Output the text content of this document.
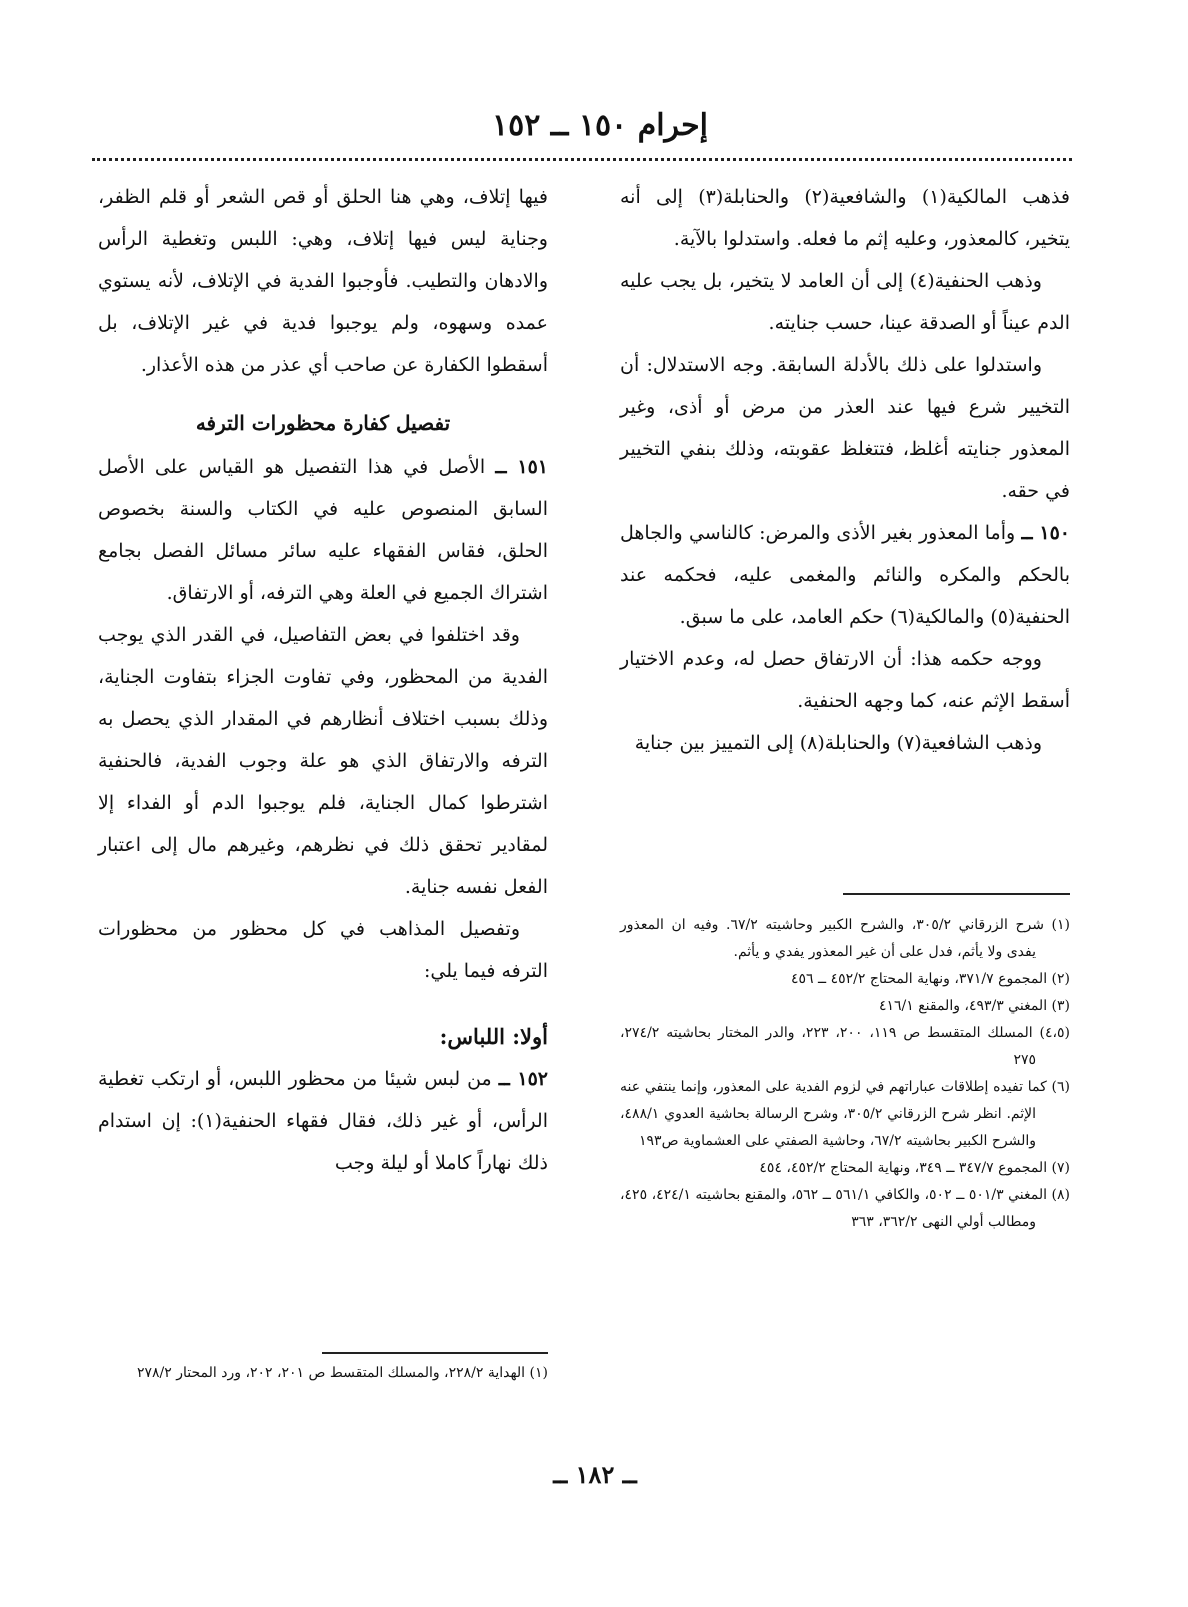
إحرام ١٥٠ ــ ١٥٢

فذهب المالكية(١) والشافعية(٢) والحنابلة(٣) إلى أنه يتخير، كالمعذور، وعليه إثم ما فعله. واستدلوا بالآية.

وذهب الحنفية(٤) إلى أن العامد لا يتخير، بل يجب عليه الدم عيناً أو الصدقة عينا، حسب جنايته.

واستدلوا على ذلك بالأدلة السابقة. وجه الاستدلال: أن التخيير شرع فيها عند العذر من مرض أو أذى، وغير المعذور جنايته أغلظ، فتتغلظ عقوبته، وذلك بنفي التخيير في حقه.

١٥٠ ــ وأما المعذور بغير الأذى والمرض: كالناسي والجاهل بالحكم والمكره والنائم والمغمى عليه، فحكمه عند الحنفية(٥) والمالكية(٦) حكم العامد، على ما سبق.

ووجه حكمه هذا: أن الارتفاق حصل له، وعدم الاختيار أسقط الإثم عنه، كما وجهه الحنفية.

وذهب الشافعية(٧) والحنابلة(٨) إلى التمييز بين جناية

فيها إتلاف، وهي هنا الحلق أو قص الشعر أو قلم الظفر، وجناية ليس فيها إتلاف، وهي: اللبس وتغطية الرأس والادهان والتطيب. فأوجبوا الفدية في الإتلاف، لأنه يستوي عمده وسهوه، ولم يوجبوا فدية في غير الإتلاف، بل أسقطوا الكفارة عن صاحب أي عذر من هذه الأعذار.

تفصيل كفارة محظورات الترفه

١٥١ ــ الأصل في هذا التفصيل هو القياس على الأصل السابق المنصوص عليه في الكتاب والسنة بخصوص الحلق، فقاس الفقهاء عليه سائر مسائل الفصل بجامع اشتراك الجميع في العلة وهي الترفه، أو الارتفاق.

وقد اختلفوا في بعض التفاصيل، في القدر الذي يوجب الفدية من المحظور، وفي تفاوت الجزاء بتفاوت الجناية، وذلك بسبب اختلاف أنظارهم في المقدار الذي يحصل به الترفه والارتفاق الذي هو علة وجوب الفدية، فالحنفية اشترطوا كمال الجناية، فلم يوجبوا الدم أو الفداء إلا لمقادير تحقق ذلك في نظرهم، وغيرهم مال إلى اعتبار الفعل نفسه جناية.

وتفصيل المذاهب في كل محظور من محظورات الترفه فيما يلي:

أولا: اللباس:

١٥٢ ــ من لبس شيئا من محظور اللبس، أو ارتكب تغطية الرأس، أو غير ذلك، فقال فقهاء الحنفية(١): إن استدام ذلك نهاراً كاملا أو ليلة وجب

(١) شرح الزرقاني ٣٠٥/٢، والشرح الكبير وحاشيته ٦٧/٢. وفيه ان المعذور يفدى ولا يأثم، فدل على أن غير المعذور يفدي و يأثم.

(٢) المجموع ٣٧١/٧، ونهاية المحتاج ٤٥٢/٢ ــ ٤٥٦

(٣) المغني ٤٩٣/٣، والمقنع ٤١٦/١

(٤،٥) المسلك المتقسط ص ١١٩، ٢٠٠، ٢٢٣، والدر المختار بحاشيته ٢٧٤/٢، ٢٧٥

(٦) كما تفيده إطلاقات عباراتهم في لزوم الفدية على المعذور، وإنما ينتفي عنه الإثم. انظر شرح الزرقاني ٣٠٥/٢، وشرح الرسالة بحاشية العدوي ٤٨٨/١، والشرح الكبير بحاشيته ٦٧/٢، وحاشية الصفتي على العشماوية ص١٩٣

(٧) المجموع ٣٤٧/٧ ــ ٣٤٩، ونهاية المحتاج ٤٥٢/٢، ٤٥٤

(٨) المغني ٥٠١/٣ ــ ٥٠٢، والكافي ٥٦١/١ ــ ٥٦٢، والمقنع بحاشيته ٤٢٤/١، ٤٢٥، ومطالب أولي النهى ٣٦٢/٢، ٣٦٣

(١) الهداية ٢٢٨/٢، والمسلك المتقسط ص ٢٠١، ٢٠٢، ورد المحتار ٢٧٨/٢

ــ ١٨٢ ــ
